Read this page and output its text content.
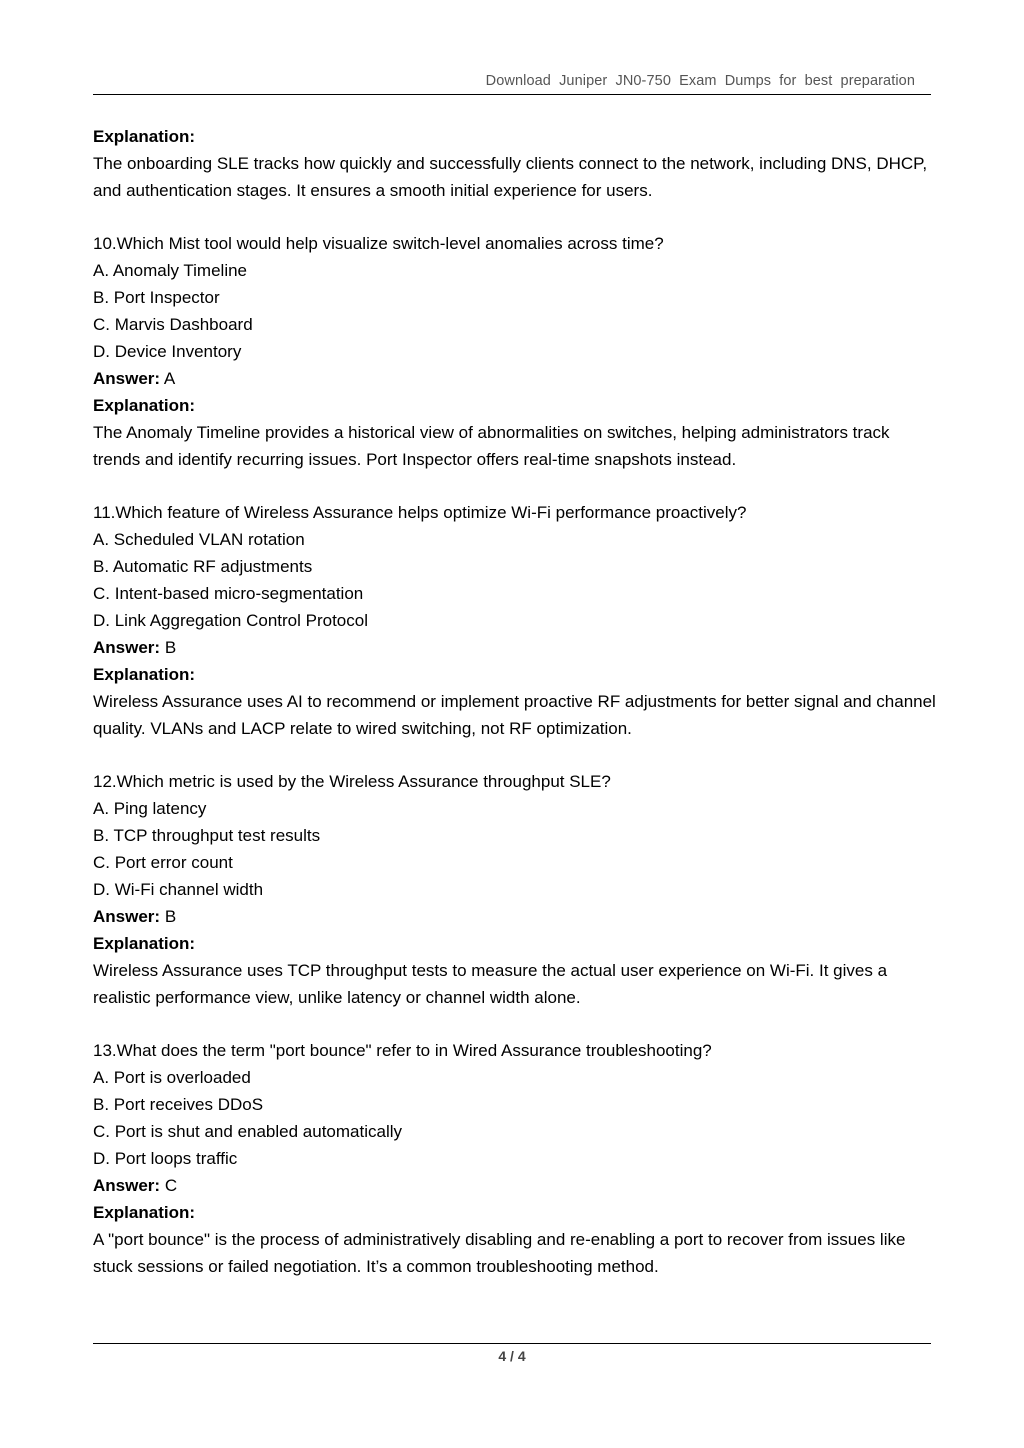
Download Juniper JN0-750 Exam Dumps for best preparation
Explanation:
The onboarding SLE tracks how quickly and successfully clients connect to the network, including DNS, DHCP, and authentication stages. It ensures a smooth initial experience for users.
10.Which Mist tool would help visualize switch-level anomalies across time?
A. Anomaly Timeline
B. Port Inspector
C. Marvis Dashboard
D. Device Inventory
Answer: A
Explanation:
The Anomaly Timeline provides a historical view of abnormalities on switches, helping administrators track trends and identify recurring issues. Port Inspector offers real-time snapshots instead.
11.Which feature of Wireless Assurance helps optimize Wi-Fi performance proactively?
A. Scheduled VLAN rotation
B. Automatic RF adjustments
C. Intent-based micro-segmentation
D. Link Aggregation Control Protocol
Answer: B
Explanation:
Wireless Assurance uses AI to recommend or implement proactive RF adjustments for better signal and channel quality. VLANs and LACP relate to wired switching, not RF optimization.
12.Which metric is used by the Wireless Assurance throughput SLE?
A. Ping latency
B. TCP throughput test results
C. Port error count
D. Wi-Fi channel width
Answer: B
Explanation:
Wireless Assurance uses TCP throughput tests to measure the actual user experience on Wi-Fi. It gives a realistic performance view, unlike latency or channel width alone.
13.What does the term "port bounce" refer to in Wired Assurance troubleshooting?
A. Port is overloaded
B. Port receives DDoS
C. Port is shut and enabled automatically
D. Port loops traffic
Answer: C
Explanation:
A "port bounce" is the process of administratively disabling and re-enabling a port to recover from issues like stuck sessions or failed negotiation. It’s a common troubleshooting method.
4 / 4
